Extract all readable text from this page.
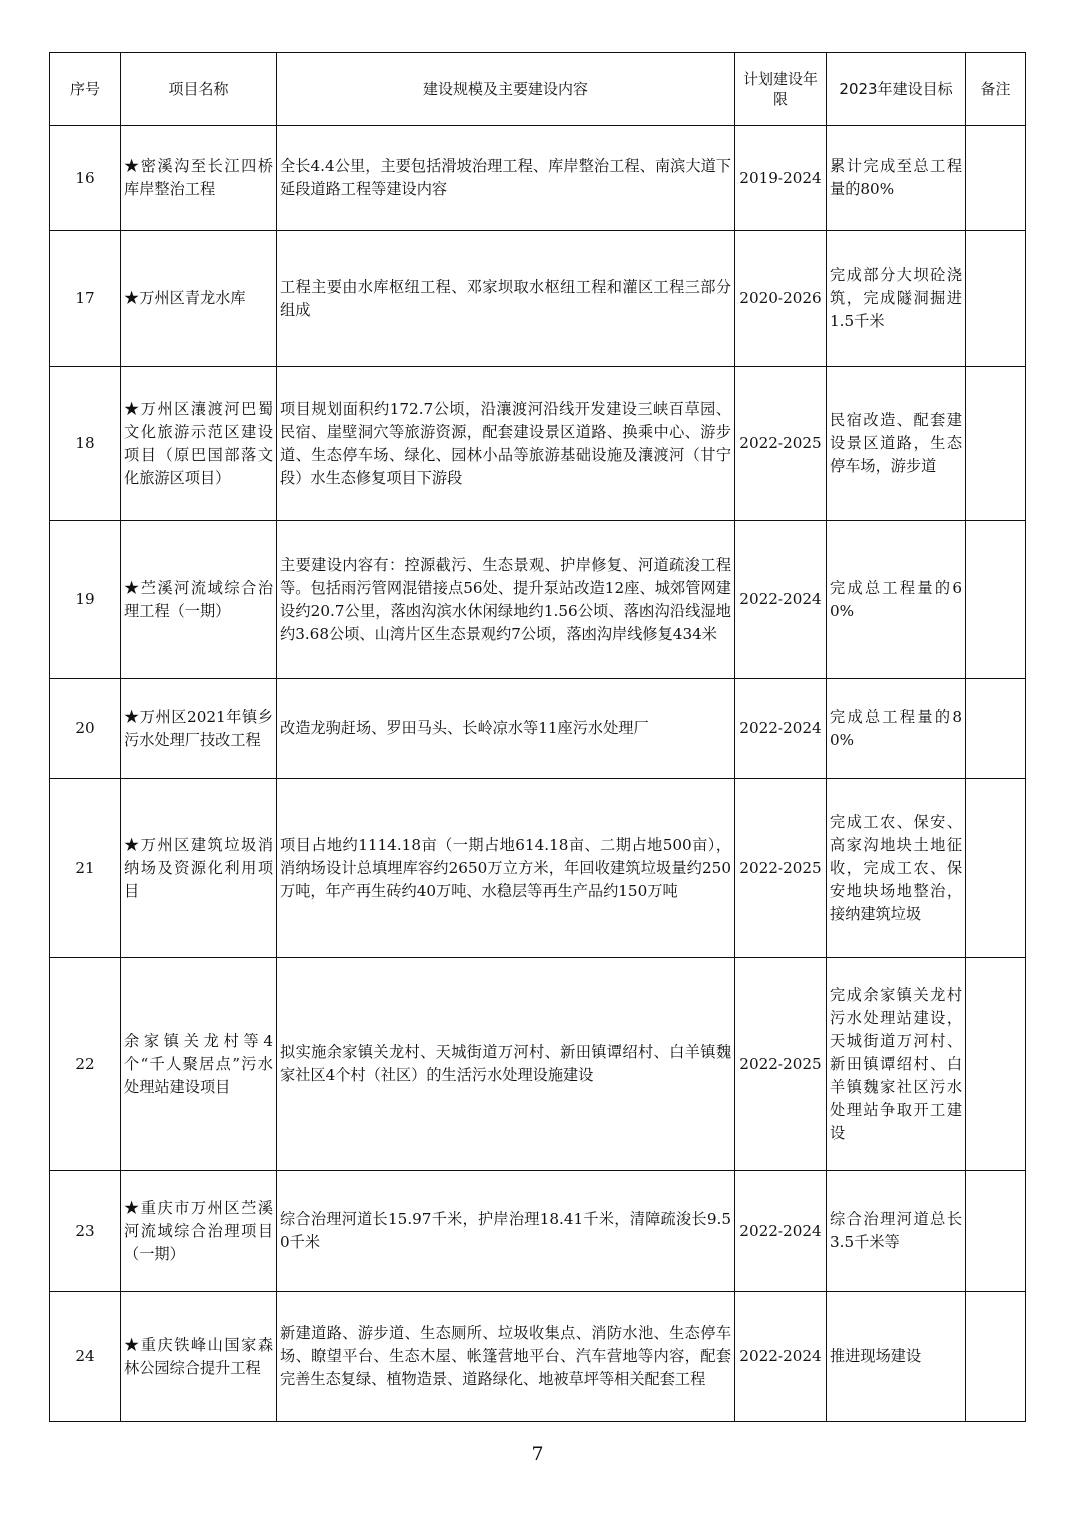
序号	项目名称	建设规模及主要建设内容	计划建设年限	2023年建设目标	备注
16	★密溪沟至长江四桥库岸整治工程	全长4.4公里，主要包括滑坡治理工程、库岸整治工程、南滨大道下延段道路工程等建设内容	2019-2024	累计完成至总工程量的80%	
17	★万州区青龙水库	工程主要由水库枢纽工程、邓家坝取水枢纽工程和灌区工程三部分组成	2020-2026	完成部分大坝砼浇筑，完成隧洞掘进1.5千米	
18	★万州区瀼渡河巴蜀文化旅游示范区建设项目（原巴国部落文化旅游区项目）	项目规划面积约172.7公顷，沿瀼渡河沿线开发建设三峡百草园、民宿、崖壁洞穴等旅游资源，配套建设景区道路、换乘中心、游步道、生态停车场、绿化、园林小品等旅游基础设施及瀼渡河（甘宁段）水生态修复项目下游段	2022-2025	民宿改造、配套建设景区道路，生态停车场，游步道	
19	★苎溪河流域综合治理工程（一期）	主要建设内容有：控源截污、生态景观、护岸修复、河道疏浚工程等。包括雨污管网混错接点56处、提升泵站改造12座、城郊管网建设约20.7公里，落凼沟滨水休闲绿地约1.56公顷、落凼沟沿线湿地约3.68公顷、山湾片区生态景观约7公顷，落凼沟岸线修复434米	2022-2024	完成总工程量的60%	
20	★万州区2021年镇乡污水处理厂技改工程	改造龙驹赶场、罗田马头、长岭凉水等11座污水处理厂	2022-2024	完成总工程量的80%	
21	★万州区建筑垃圾消纳场及资源化利用项目	项目占地约1114.18亩（一期占地614.18亩、二期占地500亩），消纳场设计总填埋库容约2650万立方米，年回收建筑垃圾量约250万吨，年产再生砖约40万吨、水稳层等再生产品约150万吨	2022-2025	完成工农、保安、高家沟地块土地征收，完成工农、保安地块场地整治，接纳建筑垃圾	
22	余家镇关龙村等4个“千人聚居点”污水处理站建设项目	拟实施余家镇关龙村、天城街道万河村、新田镇谭绍村、白羊镇魏家社区4个村（社区）的生活污水处理设施建设	2022-2025	完成余家镇关龙村污水处理站建设，天城街道万河村、新田镇谭绍村、白羊镇魏家社区污水处理站争取开工建设	
23	★重庆市万州区苎溪河流域综合治理项目（一期）	综合治理河道长15.97千米，护岸治理18.41千米，清障疏浚长9.50千米	2022-2024	综合治理河道总长3.5千米等	
24	★重庆铁峰山国家森林公园综合提升工程	新建道路、游步道、生态厕所、垃圾收集点、消防水池、生态停车场、瞭望平台、生态木屋、帐篷营地平台、汽车营地等内容，配套完善生态复绿、植物造景、道路绿化、地被草坪等相关配套工程	2022-2024	推进现场建设	
7
